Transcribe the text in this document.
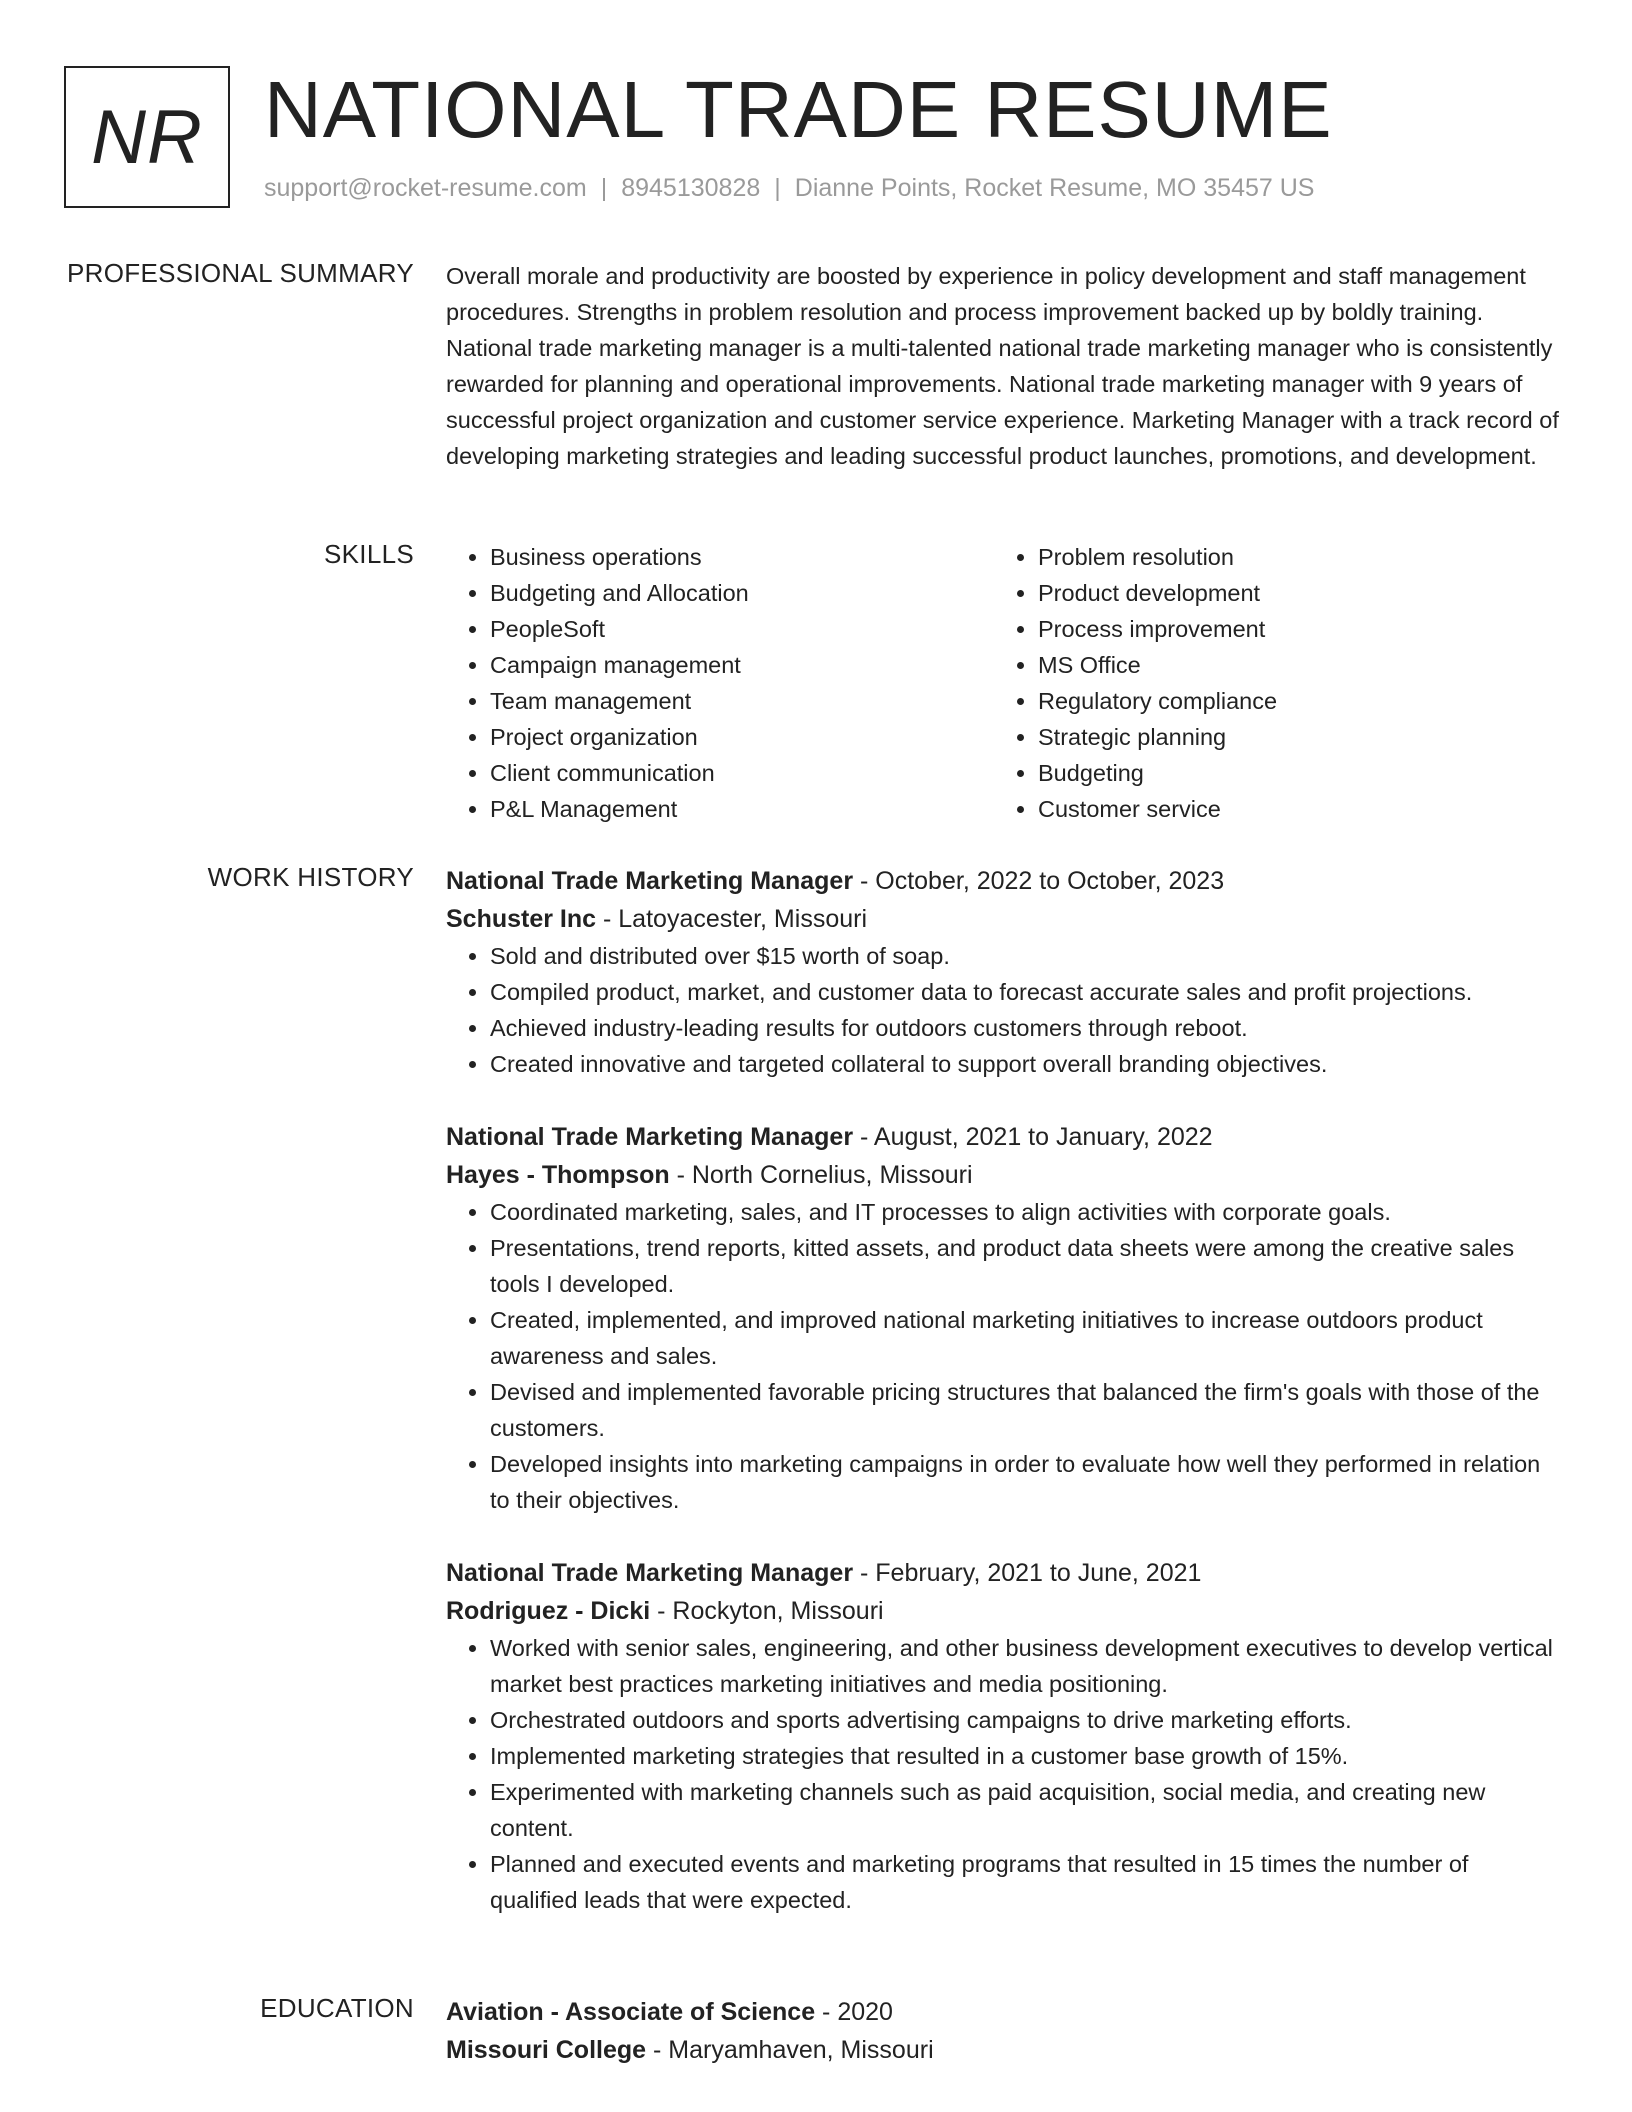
NR NATIONAL TRADE RESUME
support@rocket-resume.com | 8945130828 | Dianne Points, Rocket Resume, MO 35457 US
PROFESSIONAL SUMMARY Overall morale and productivity are boosted by experience in policy development and staff management procedures. Strengths in problem resolution and process improvement backed up by boldly training. National trade marketing manager is a multi-talented national trade marketing manager who is consistently rewarded for planning and operational improvements. National trade marketing manager with 9 years of successful project organization and customer service experience. Marketing Manager with a track record of developing marketing strategies and leading successful product launches, promotions, and development.

SKILLS
•	Business operations
• Budgeting and Allocation
• PeopleSoft
• Campaign management
• Team management
• Project organization
• Client communication
• P&L Management
• Problem resolution
• Product development
• Process improvement
• MS Office
• Regulatory compliance
• Strategic planning
• Budgeting
• Customer service
WORK HISTORY National Trade Marketing Manager - October, 2022 to October, 2023
Schuster Inc - Latoyacester, Missouri
• Sold and distributed over $15 worth of soap.
• Compiled product, market, and customer data to forecast accurate sales and profit projections.
• Achieved industry-leading results for outdoors customers through reboot.
• Created innovative and targeted collateral to support overall branding objectives.
National Trade Marketing Manager - August, 2021 to January, 2022
Hayes - Thompson - North Cornelius, Missouri
• Coordinated marketing, sales, and IT processes to align activities with corporate goals.
• Presentations, trend reports, kitted assets, and product data sheets were among the creative sales tools I developed.
• Created, implemented, and improved national marketing initiatives to increase outdoors product awareness and sales.
• Devised and implemented favorable pricing structures that balanced the firm's goals with those of the customers.
• Developed insights into marketing campaigns in order to evaluate how well they performed in relation to their objectives.
National Trade Marketing Manager - February, 2021 to June, 2021
Rodriguez - Dicki - Rockyton, Missouri
• Worked with senior sales, engineering, and other business development executives to develop vertical market best practices marketing initiatives and media positioning.
• Orchestrated outdoors and sports advertising campaigns to drive marketing efforts.
• Implemented marketing strategies that resulted in a customer base growth of 15%.
• Experimented with marketing channels such as paid acquisition, social media, and creating new content.
• Planned and executed events and marketing programs that resulted in 15 times the number of qualified leads that were expected.
EDUCATION Aviation - Associate of Science - 2020
Missouri College - Maryamhaven, Missouri
